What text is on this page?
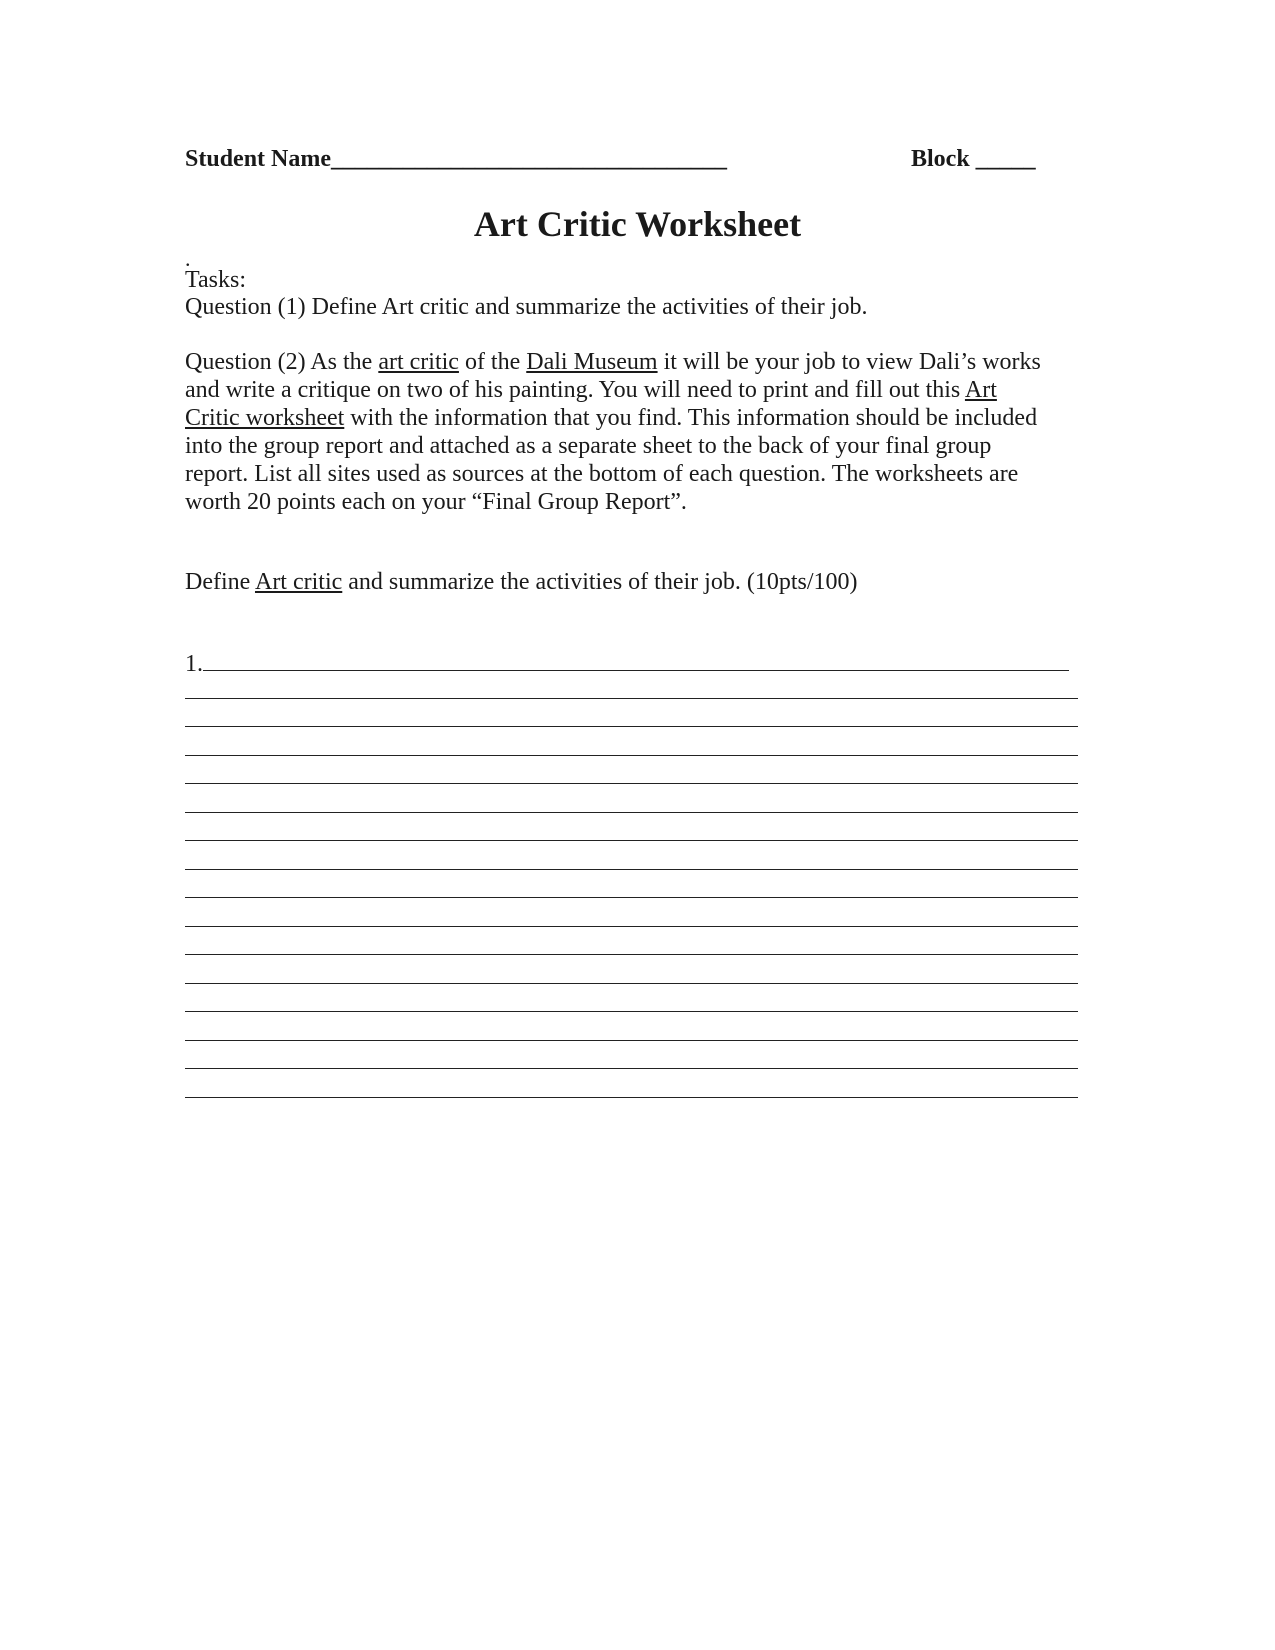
Student Name_________________________________	Block _____
Art Critic Worksheet
.
Tasks:
Question (1) Define Art critic and summarize the activities of their job.
Question (2) As the art critic of the Dali Museum it will be your job to view Dali’s works
and write a critique on two of his painting. You will need to print and fill out this Art
Critic worksheet with the information that you find. This information should be included
into the group report and attached as a separate sheet to the back of your final group
report. List all sites used as sources at the bottom of each question. The worksheets are
worth 20 points each on your “Final Group Report”.
Define Art critic and summarize the activities of their job. (10pts/100)
1.
